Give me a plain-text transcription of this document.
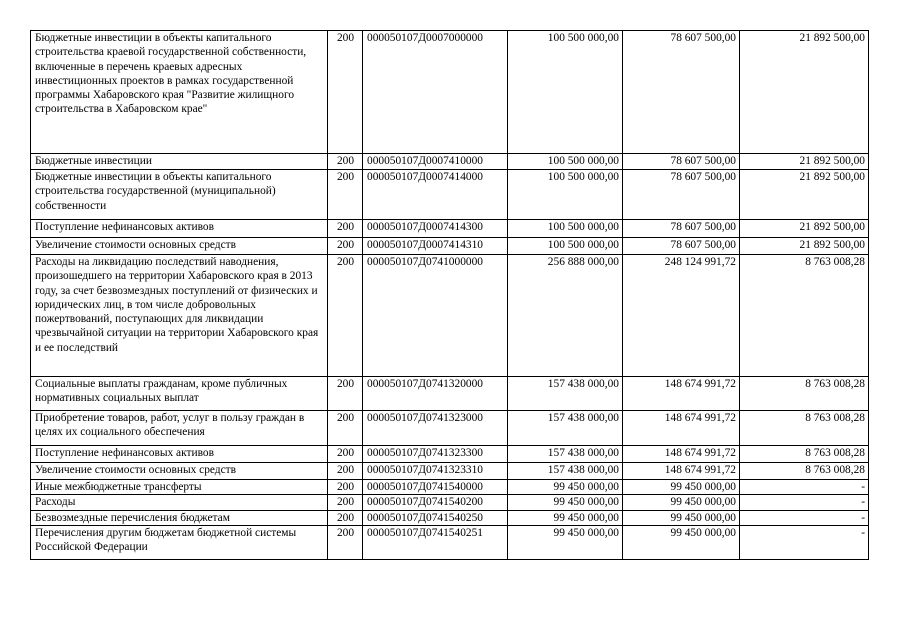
Бюджетные инвестиции в объекты капитального строительства краевой государственной собственности, включенные в перечень краевых адресных инвестиционных проектов в рамках государственной программы Хабаровского края "Развитие жилищного строительства в Хабаровском крае"	200	000050107Д0007000000	100 500 000,00	78 607 500,00	21 892 500,00
Бюджетные инвестиции	200	000050107Д0007410000	100 500 000,00	78 607 500,00	21 892 500,00
Бюджетные инвестиции в объекты капитального строительства государственной (муниципальной) собственности	200	000050107Д0007414000	100 500 000,00	78 607 500,00	21 892 500,00
Поступление нефинансовых активов	200	000050107Д0007414300	100 500 000,00	78 607 500,00	21 892 500,00
Увеличение стоимости основных средств	200	000050107Д0007414310	100 500 000,00	78 607 500,00	21 892 500,00
Расходы на ликвидацию последствий наводнения, произошедшего на территории Хабаровского края в 2013 году, за счет безвозмездных поступлений от физических и юридических лиц, в том числе добровольных пожертвований, поступающих для ликвидации чрезвычайной ситуации на территории Хабаровского края и ее последствий	200	000050107Д0741000000	256 888 000,00	248 124 991,72	8 763 008,28
Социальные выплаты гражданам, кроме публичных нормативных социальных выплат	200	000050107Д0741320000	157 438 000,00	148 674 991,72	8 763 008,28
Приобретение товаров, работ, услуг в пользу граждан в целях их социального обеспечения	200	000050107Д0741323000	157 438 000,00	148 674 991,72	8 763 008,28
Поступление нефинансовых активов	200	000050107Д0741323300	157 438 000,00	148 674 991,72	8 763 008,28
Увеличение стоимости основных средств	200	000050107Д0741323310	157 438 000,00	148 674 991,72	8 763 008,28
Иные межбюджетные трансферты	200	000050107Д0741540000	99 450 000,00	99 450 000,00	-
Расходы	200	000050107Д0741540200	99 450 000,00	99 450 000,00	-
Безвозмездные перечисления бюджетам	200	000050107Д0741540250	99 450 000,00	99 450 000,00	-
Перечисления другим бюджетам бюджетной системы Российской Федерации	200	000050107Д0741540251	99 450 000,00	99 450 000,00	-
